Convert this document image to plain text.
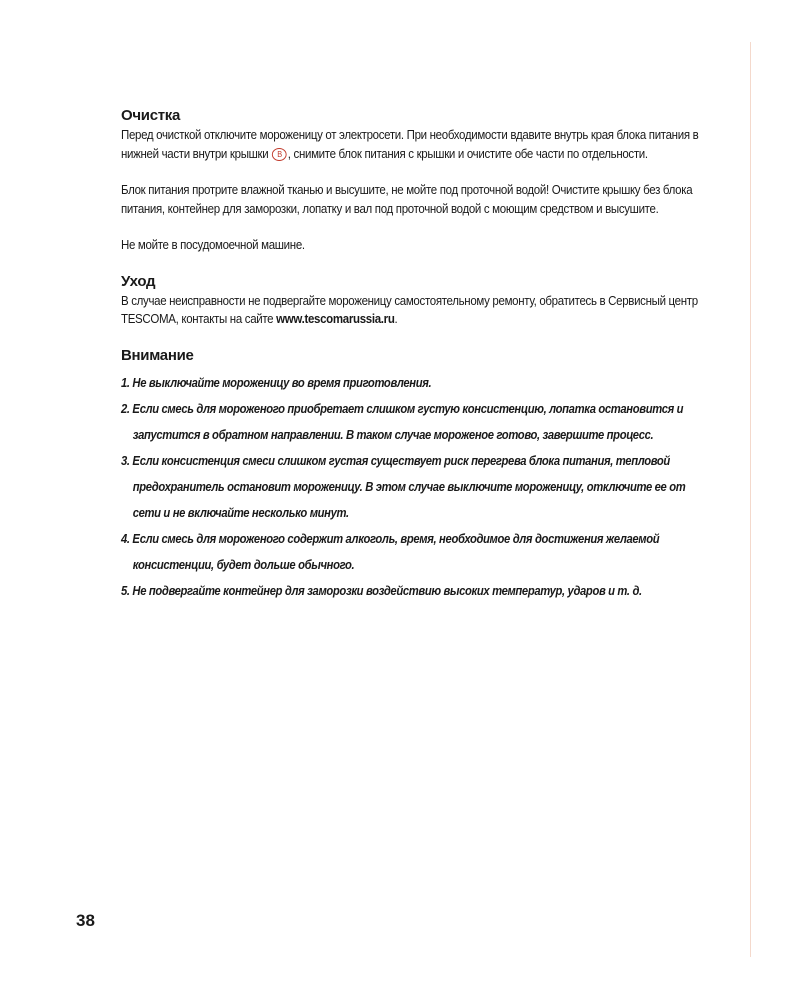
Очистка

Перед очисткой отключите мороженицу от электросети. При необходимости вдавите внутрь края блока питания в нижней части внутри крышки B , снимите блок питания с крышки и очистите обе части по отдельности.

Блок питания протрите влажной тканью и высушите, не мойте под проточной водой! Очистите крышку без блока питания, контейнер для заморозки, лопатку и вал под проточной водой с моющим средством и высушите.

Не мойте в посудомоечной машине.

Уход

В случае неисправности не подвергайте мороженицу самостоятельному ремонту, обратитесь в Сервисный центр TESCOMA, контакты на сайте www.tescomarussia.ru.

Внимание
1. Не выключайте мороженицу во время приготовления.
2. Если смесь для мороженого приобретает слишком густую консистенцию, лопатка остановится и запустится в обратном направлении. В таком случае мороженое готово, завершите процесс.
3. Если консистенция смеси слишком густая существует риск перегрева блока питания, тепловой предохранитель остановит мороженицу. В этом случае выключите мороженицу, отключите ее от сети и не включайте несколько минут.
4. Если смесь для мороженого содержит алкоголь, время, необходимое для достижения желаемой консистенции, будет дольше обычного.
5. Не подвергайте контейнер для заморозки воздействию высоких температур, ударов и т. д.
38
